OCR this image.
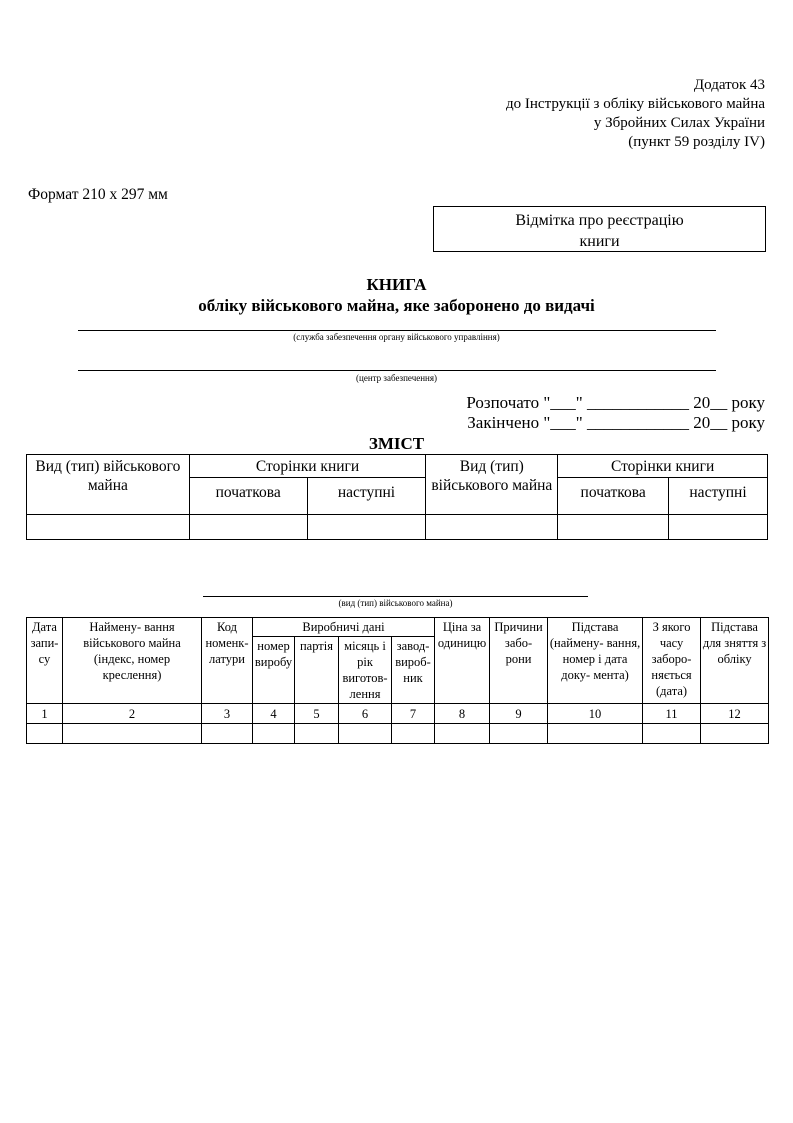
Додаток 43
до Інструкції з обліку військового майна
у Збройних Силах України
(пункт 59 розділу IV)
Формат 210 х 297 мм
Відмітка про реєстрацію
книги
КНИГА
обліку військового майна, яке заборонено до видачі
(служба забезпечення органу військового управління)
(центр забезпечення)
Розпочато "___" ____________ 20__ року
Закінчено "___" ____________ 20__ року
ЗМІСТ
Вид (тип) військового майна	Сторінки книги		Вид (тип) військового майна	Сторінки книги	
	початкова	наступні		початкова	наступні

(вид (тип) військового майна)
Дата запи- су	Наймену- вання військового майна (індекс, номер креслення)	Код номенк- латури	Виробничі дані				Ціна за одиницю	Причини забо- рони	Підстава (наймену- вання, номер і дата доку- мента)	З якого часу заборо- няється (дата)	Підстава для зняття з обліку
			номер виробу	партія	місяць і рік виготов- лення	завод- вироб- ник					
1	2	3	4	5	6	7	8	9	10	11	12
